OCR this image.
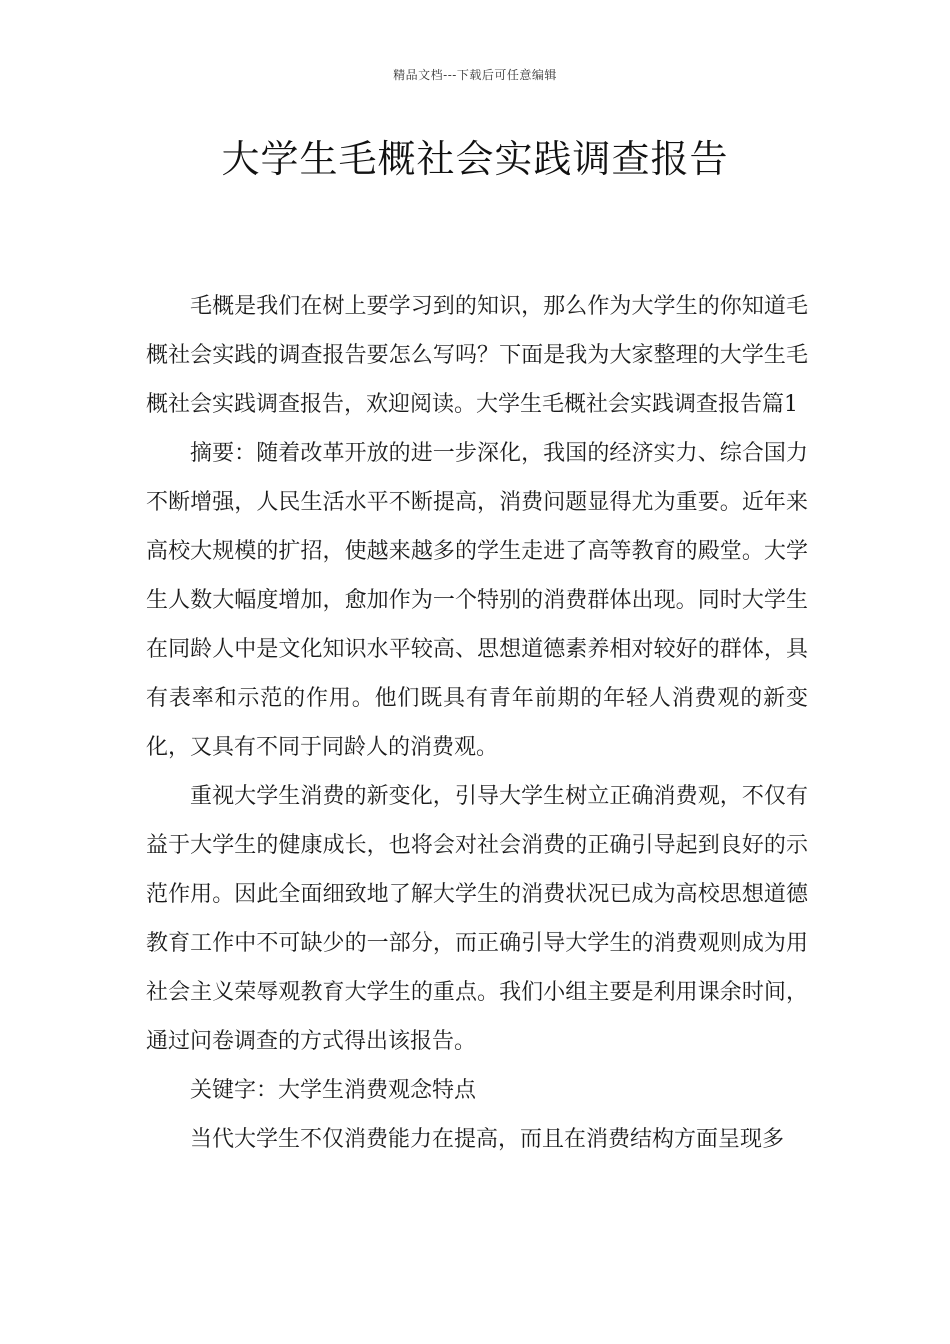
精品文档---下载后可任意编辑
大学生毛概社会实践调查报告

毛概是我们在树上要学习到的知识，那么作为大学生的你知道毛概社会实践的调查报告要怎么写吗？下面是我为大家整理的大学生毛概社会实践调查报告，欢迎阅读。大学生毛概社会实践调查报告篇1

摘要：随着改革开放的进一步深化，我国的经济实力、综合国力不断增强，人民生活水平不断提高，消费问题显得尤为重要。近年来高校大规模的扩招，使越来越多的学生走进了高等教育的殿堂。大学生人数大幅度增加，愈加作为一个特别的消费群体出现。同时大学生在同龄人中是文化知识水平较高、思想道德素养相对较好的群体，具有表率和示范的作用。他们既具有青年前期的年轻人消费观的新变化，又具有不同于同龄人的消费观。

重视大学生消费的新变化，引导大学生树立正确消费观，不仅有益于大学生的健康成长，也将会对社会消费的正确引导起到良好的示范作用。因此全面细致地了解大学生的消费状况已成为高校思想道德教育工作中不可缺少的一部分，而正确引导大学生的消费观则成为用社会主义荣辱观教育大学生的重点。我们小组主要是利用课余时间，通过问卷调查的方式得出该报告。

关键字：大学生消费观念特点

当代大学生不仅消费能力在提高，而且在消费结构方面呈现多
